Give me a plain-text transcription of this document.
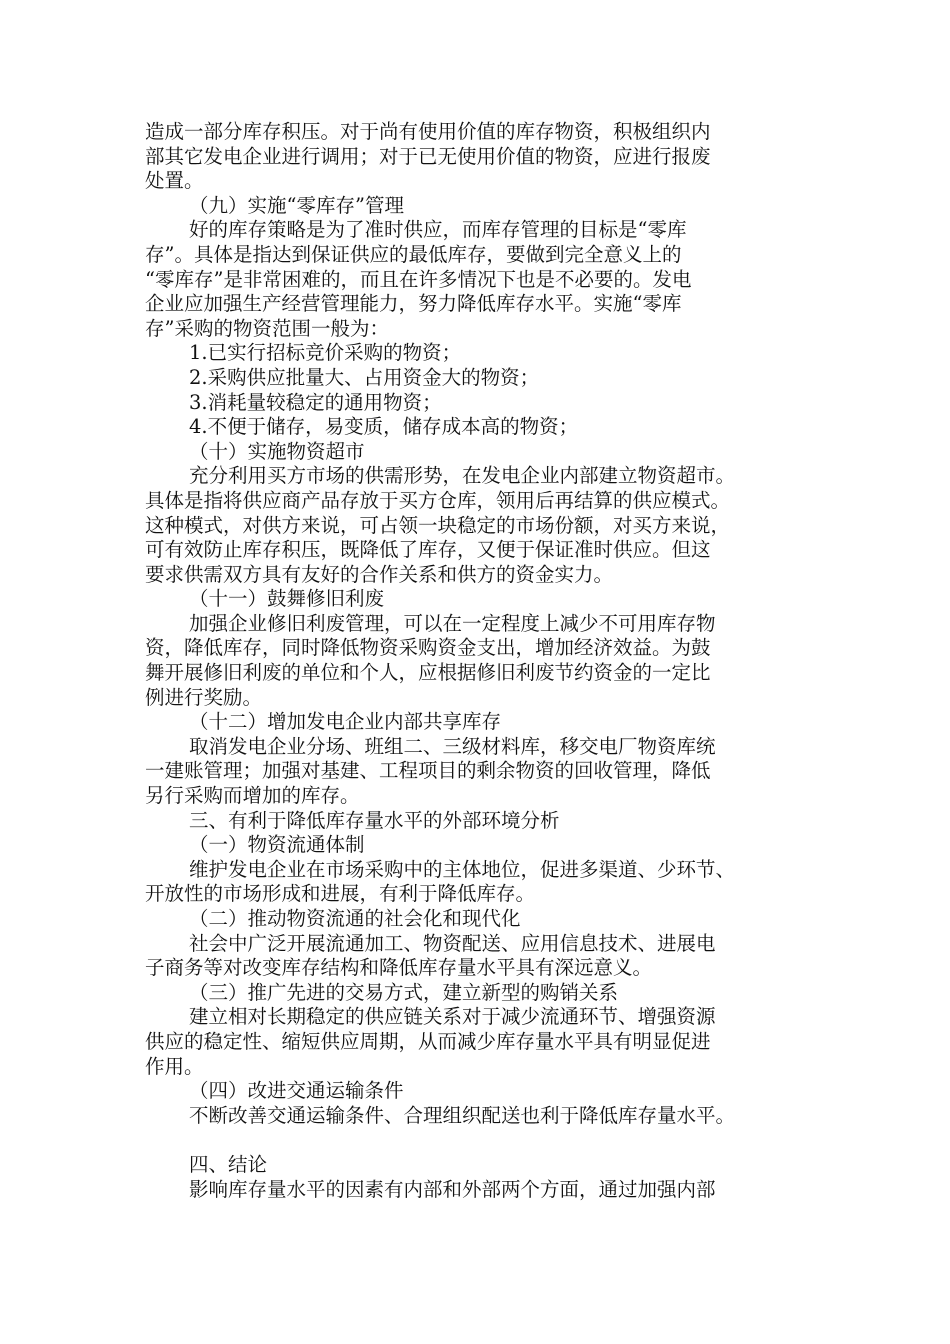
造成一部分库存积压。对于尚有使用价值的库存物资，积极组织内
部其它发电企业进行调用；对于已无使用价值的物资，应进行报废
处置。
（九）实施“零库存”管理
好的库存策略是为了准时供应，而库存管理的目标是“零库
存”。具体是指达到保证供应的最低库存，要做到完全意义上的
“零库存”是非常困难的，而且在许多情况下也是不必要的。发电
企业应加强生产经营管理能力，努力降低库存水平。实施“零库
存”采购的物资范围一般为：
1.已实行招标竞价采购的物资；
2.采购供应批量大、占用资金大的物资；
3.消耗量较稳定的通用物资；
4.不便于储存，易变质，储存成本高的物资；
（十）实施物资超市
充分利用买方市场的供需形势，在发电企业内部建立物资超市。
具体是指将供应商产品存放于买方仓库，领用后再结算的供应模式。
这种模式，对供方来说，可占领一块稳定的市场份额，对买方来说，
可有效防止库存积压，既降低了库存，又便于保证准时供应。但这
要求供需双方具有友好的合作关系和供方的资金实力。
（十一）鼓舞修旧利废
加强企业修旧利废管理，可以在一定程度上减少不可用库存物
资，降低库存，同时降低物资采购资金支出，增加经济效益。为鼓
舞开展修旧利废的单位和个人，应根据修旧利废节约资金的一定比
例进行奖励。
（十二）增加发电企业内部共享库存
取消发电企业分场、班组二、三级材料库，移交电厂物资库统
一建账管理；加强对基建、工程项目的剩余物资的回收管理，降低
另行采购而增加的库存。
三、有利于降低库存量水平的外部环境分析
（一）物资流通体制
维护发电企业在市场采购中的主体地位，促进多渠道、少环节、
开放性的市场形成和进展，有利于降低库存。
（二）推动物资流通的社会化和现代化
社会中广泛开展流通加工、物资配送、应用信息技术、进展电
子商务等对改变库存结构和降低库存量水平具有深远意义。
（三）推广先进的交易方式，建立新型的购销关系
建立相对长期稳定的供应链关系对于减少流通环节、增强资源
供应的稳定性、缩短供应周期，从而减少库存量水平具有明显促进
作用。
（四）改进交通运输条件
不断改善交通运输条件、合理组织配送也利于降低库存量水平。
四、结论
影响库存量水平的因素有内部和外部两个方面，通过加强内部
